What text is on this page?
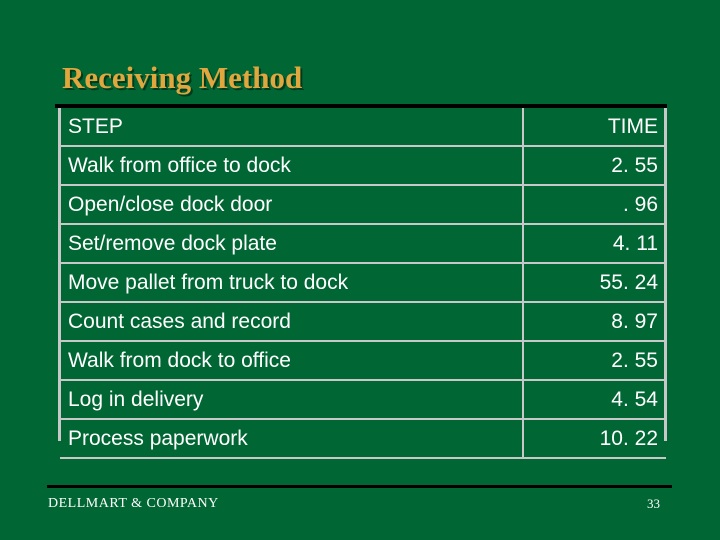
Receiving Method
STEP	TIME
Walk from office to dock	2. 55
Open/close dock door	. 96
Set/remove dock plate	4. 11
Move pallet from truck to dock	55. 24
Count cases and record	8. 97
Walk from dock to office	2. 55
Log in delivery	4. 54
Process paperwork	10. 22
DELLMART & COMPANY	33
